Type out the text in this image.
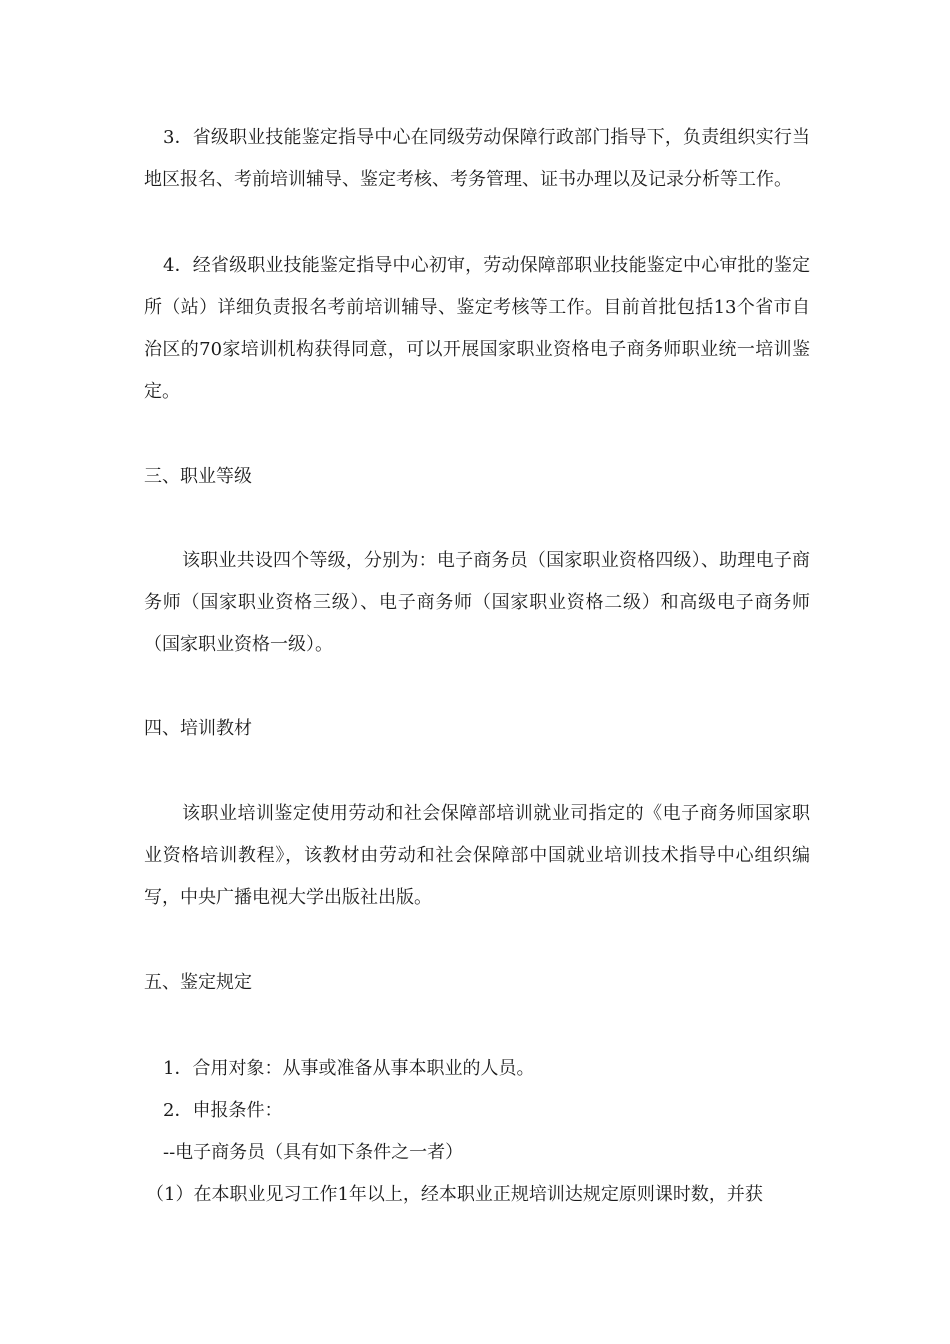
3．省级职业技能鉴定指导中心在同级劳动保障行政部门指导下，负责组织实行当地区报名、考前培训辅导、鉴定考核、考务管理、证书办理以及记录分析等工作。

4．经省级职业技能鉴定指导中心初审，劳动保障部职业技能鉴定中心审批的鉴定所（站）详细负责报名考前培训辅导、鉴定考核等工作。目前首批包括13个省市自治区的70家培训机构获得同意，可以开展国家职业资格电子商务师职业统一培训鉴定。

三、职业等级

该职业共设四个等级，分别为：电子商务员（国家职业资格四级）、助理电子商务师（国家职业资格三级）、电子商务师（国家职业资格二级）和高级电子商务师（国家职业资格一级）。

四、培训教材

该职业培训鉴定使用劳动和社会保障部培训就业司指定的《电子商务师国家职业资格培训教程》，该教材由劳动和社会保障部中国就业培训技术指导中心组织编写，中央广播电视大学出版社出版。

五、鉴定规定

1．合用对象：从事或准备从事本职业的人员。

2．申报条件：

--电子商务员（具有如下条件之一者）

（1）在本职业见习工作1年以上，经本职业正规培训达规定原则课时数，并获
